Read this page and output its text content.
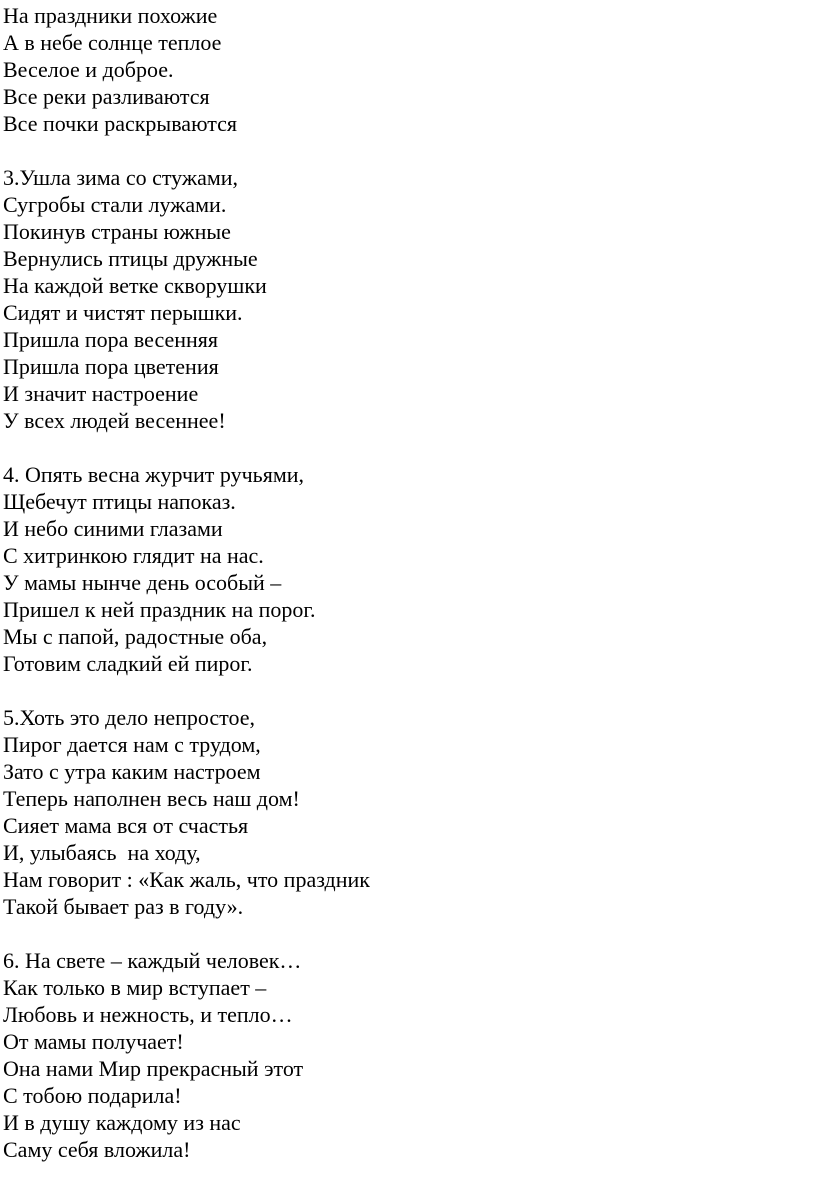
На праздники похожие
А в небе солнце теплое
Веселое и доброе.
Все реки разливаются
Все почки раскрываются
3.Ушла зима со стужами,
Сугробы стали лужами.
Покинув страны южные
Вернулись птицы дружные
На каждой ветке скворушки
Сидят и чистят перышки.
Пришла пора весенняя
Пришла пора цветения
И значит настроение
У всех людей весеннее!
4. Опять весна журчит ручьями,
Щебечут птицы напоказ.
И небо синими глазами
С хитринкою глядит на нас.
У мамы нынче день особый –
Пришел к ней праздник на порог.
Мы с папой, радостные оба,
Готовим сладкий ей пирог.
5.Хоть это дело непростое,
Пирог дается нам с трудом,
Зато с утра каким настроем
Теперь наполнен весь наш дом!
Сияет мама вся от счастья
И, улыбаясь  на ходу,
Нам говорит : «Как жаль, что праздник
Такой бывает раз в году».
6. На свете – каждый человек…
Как только в мир вступает –
Любовь и нежность, и тепло…
От мамы получает!
Она нами Мир прекрасный этот
С тобою подарила!
И в душу каждому из нас
Саму себя вложила!
